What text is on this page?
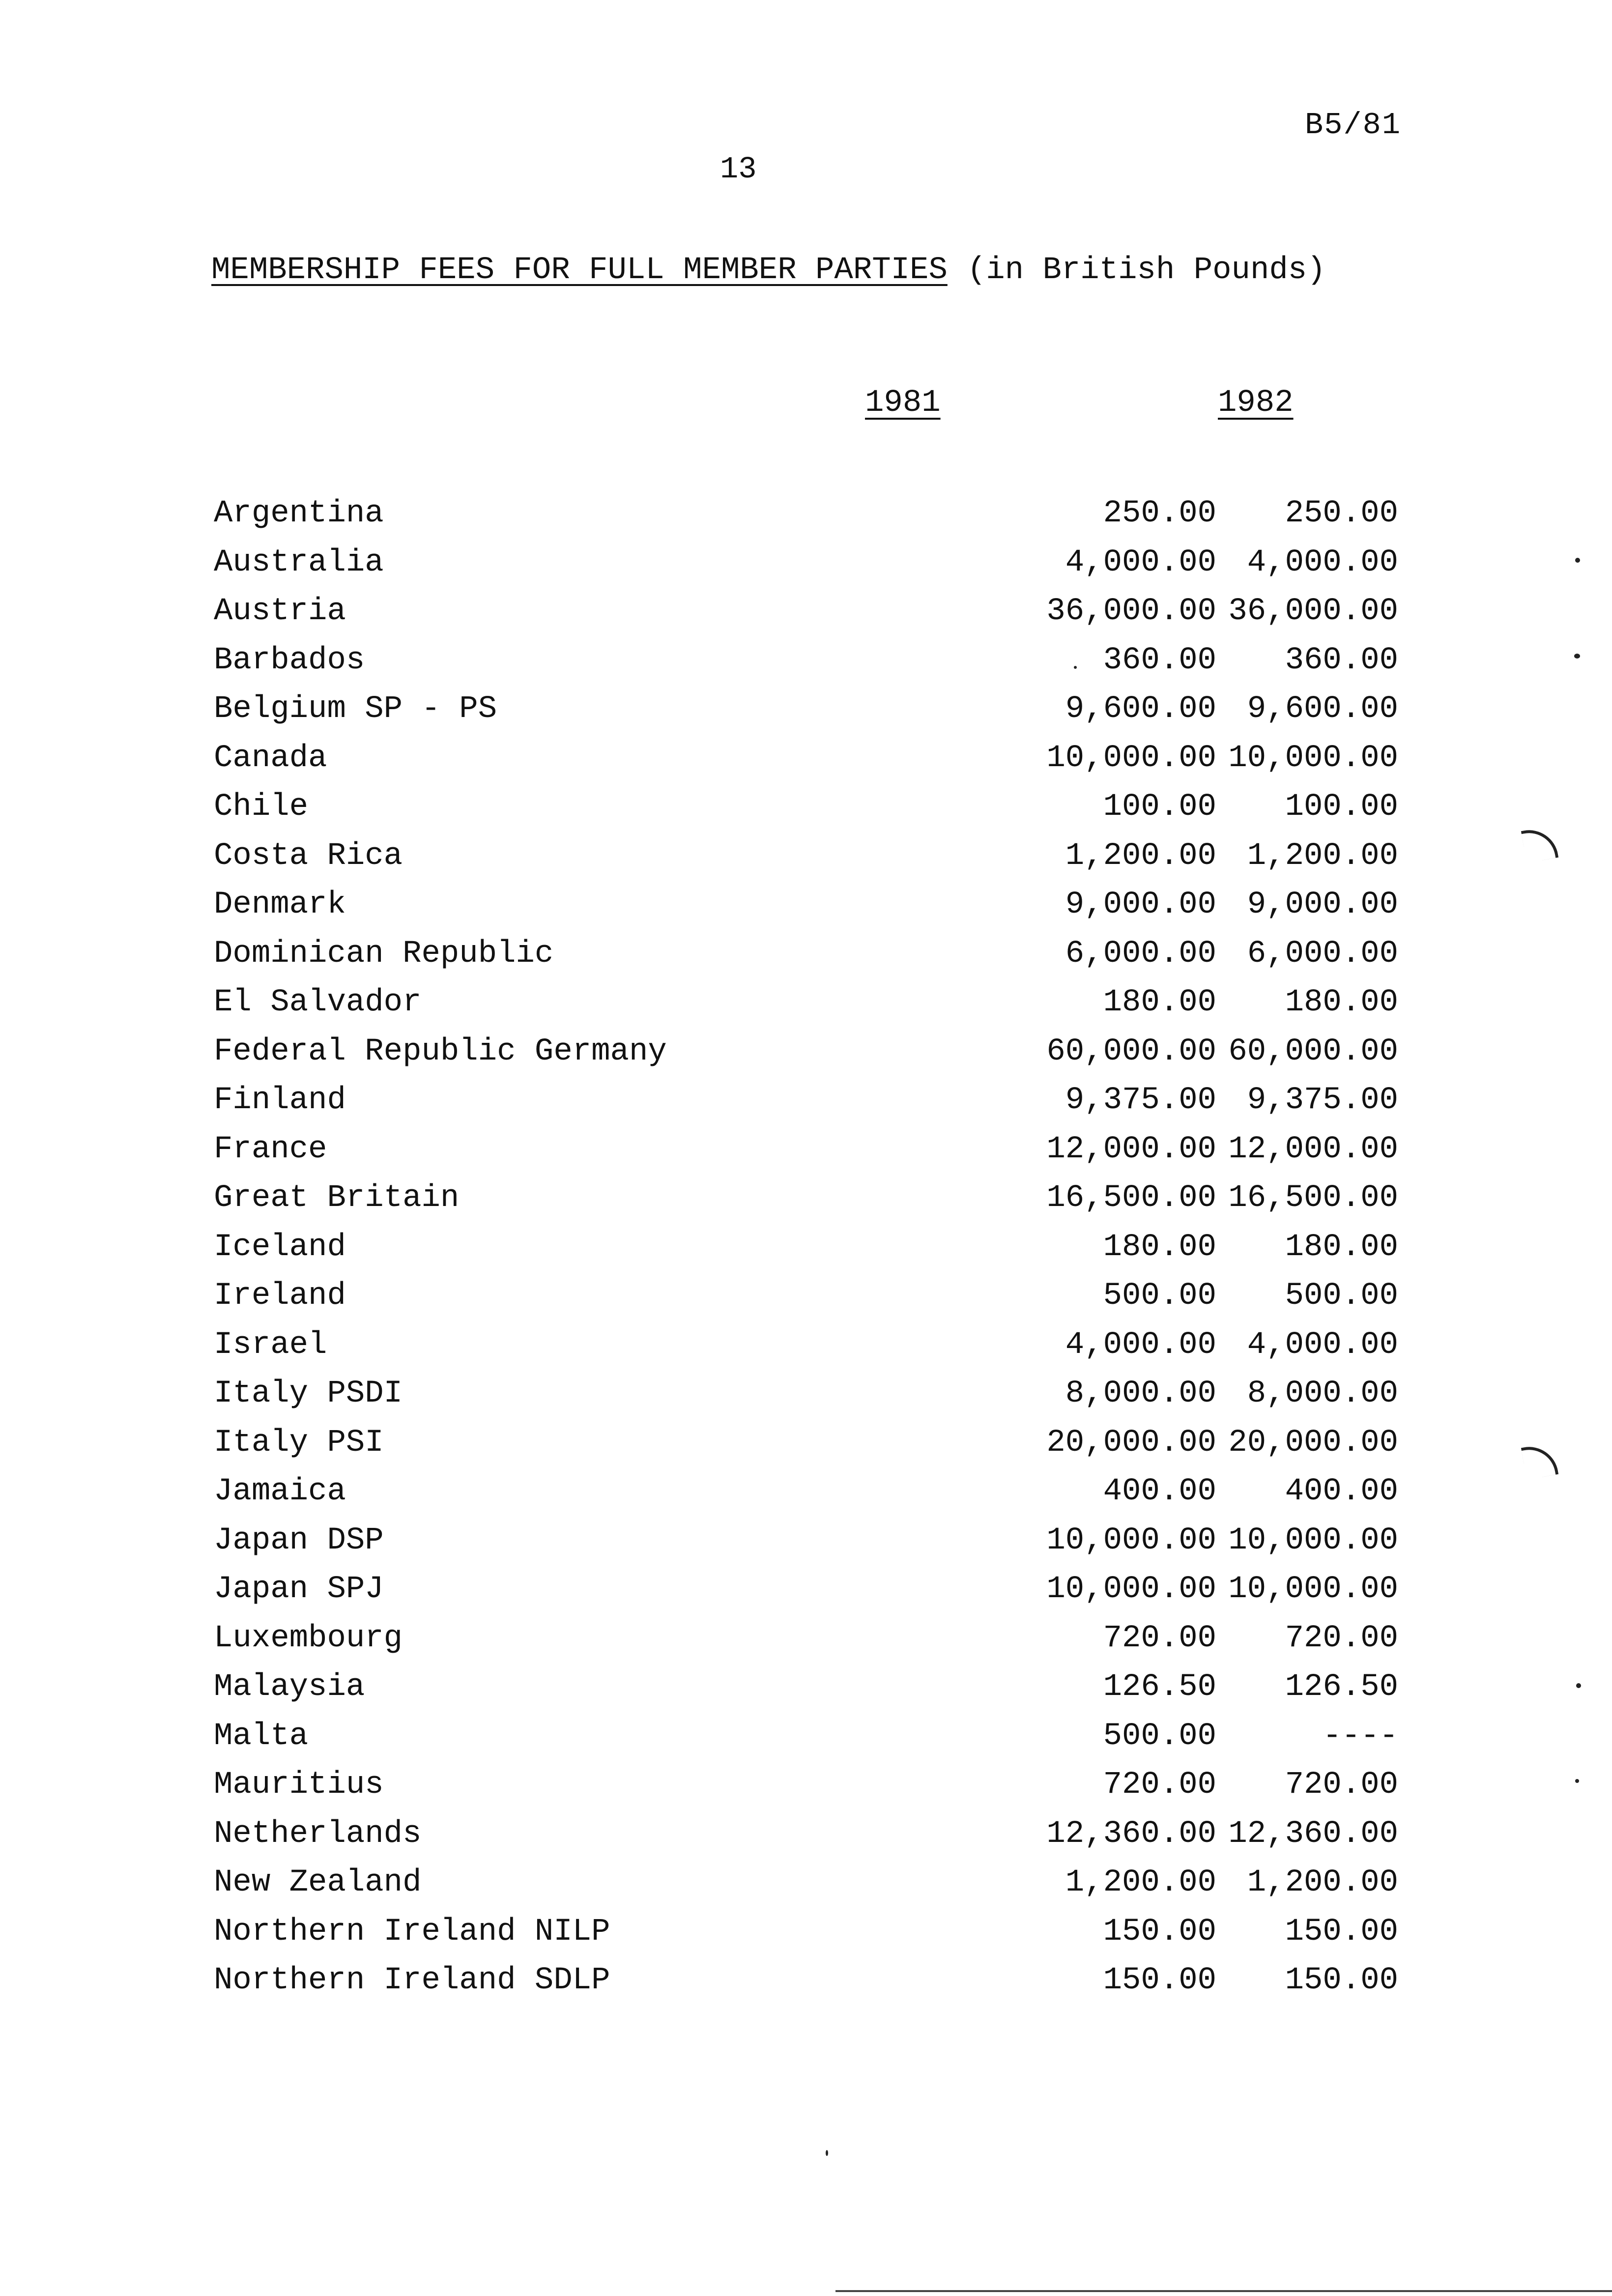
B5/81
13
MEMBERSHIP FEES FOR FULL MEMBER PARTIES (in British Pounds)
1981	1982
Argentina	250.00	250.00
Australia	4,000.00 4,000.00
Austria	36,000.00 36,000.00
Barbados	360.00	360.00
Belgium SP - PS	9,600.00 9,600.00
Canada	10,000.00 10,000.00
Chile	100.00	100.00
Costa Rica	1,200.00 1,200.00
Denmark	9,000.00 9,000.00
Dominican Republic	6,000.00 6,000.00
El Salvador	180.00	180.00
Federal Republic Germany	60,000.00 60,000.00
Finland	9,375.00 9,375.00
France	12,000.00 12,000.00
Great Britain	16,500.00 16,500.00
Iceland	180.00	180.00
Ireland	500.00	500.00
Israel	4,000.00 4,000.00
Italy PSDI	8,000.00 8,000.00
Italy PSI	20,000.00 20,000.00
Jamaica	400.00	400.00
Japan DSP	10,000.00 10,000.00
Japan SPJ	10,000.00 10,000.00
Luxembourg	720.00	720.00
Malaysia	126.50	126.50
Malta	500.00	----
Mauritius	720.00	720.00
Netherlands	12,360.00 12,360.00
New Zealand	1,200.00 1,200.00
Northern Ireland NILP	150.00	150.00
Northern Ireland SDLP	150.00	150.00
